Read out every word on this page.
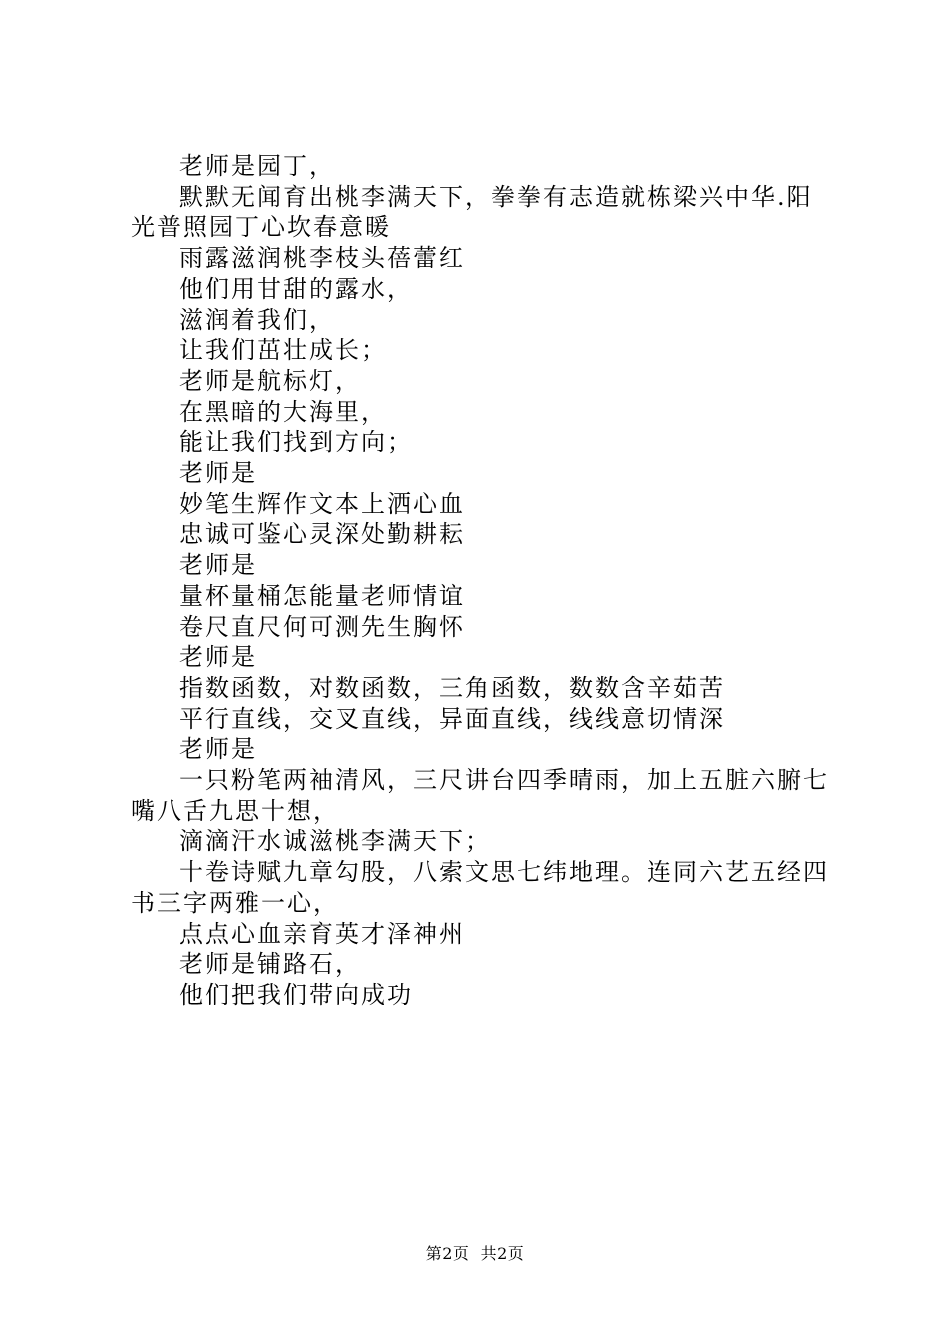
老师是园丁，

默默无闻育出桃李满天下，拳拳有志造就栋梁兴中华.阳光普照园丁心坎春意暖

雨露滋润桃李枝头蓓蕾红

他们用甘甜的露水，

滋润着我们，

让我们茁壮成长；

老师是航标灯，

在黑暗的大海里，

能让我们找到方向；

老师是

妙笔生辉作文本上洒心血

忠诚可鉴心灵深处勤耕耘

老师是

量杯量桶怎能量老师情谊

卷尺直尺何可测先生胸怀

老师是

指数函数，对数函数，三角函数，数数含辛茹苦

平行直线，交叉直线，异面直线，线线意切情深

老师是

一只粉笔两袖清风，三尺讲台四季晴雨，加上五脏六腑七嘴八舌九思十想，

滴滴汗水诚滋桃李满天下；

十卷诗赋九章勾股，八索文思七纬地理。连同六艺五经四书三字两雅一心，

点点心血亲育英才泽神州

老师是铺路石，

他们把我们带向成功

第2页  共2页
